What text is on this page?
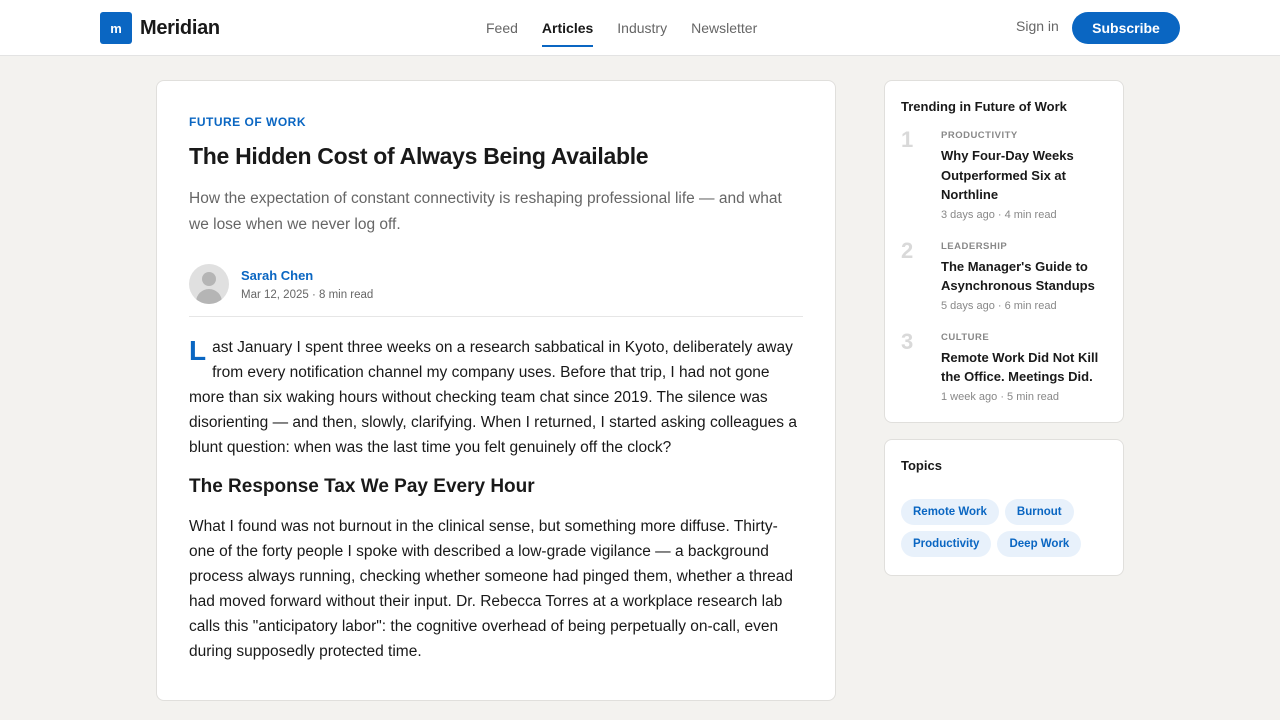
m Meridian	Feed Articles Industry Newsletter	Sign in	Subscribe
FUTURE OF WORK
The Hidden Cost of Always Being Available

How the expectation of constant connectivity is reshaping professional life — and what we lose when we never log off.

Sarah Chen
Mar 12, 2025 · 8 min read

Last January I spent three weeks on a research sabbatical in Kyoto, deliberately away from every notification channel my company uses. Before that trip, I had not gone more than six waking hours without checking team chat since 2019. The silence was disorienting — and then, slowly, clarifying. When I returned, I started asking colleagues a blunt question: when was the last time you felt genuinely off the clock?

The Response Tax We Pay Every Hour

What I found was not burnout in the clinical sense, but something more diffuse. Thirty-one of the forty people I spoke with described a low-grade vigilance — a background process always running, checking whether someone had pinged them, whether a thread had moved forward without their input. Dr. Rebecca Torres at a workplace research lab calls this "anticipatory labor": the cognitive overhead of being perpetually on-call, even during supposedly protected time.

Trending in Future of Work
1	PRODUCTIVITY
Why Four-Day Weeks Outperformed Six at Northline
3 days ago · 4 min read
2	LEADERSHIP
The Manager's Guide to Asynchronous Standups
5 days ago · 6 min read
3	CULTURE
Remote Work Did Not Kill the Office. Meetings Did.
1 week ago · 5 min read
Topics
Remote Work	Burnout
Productivity	Deep Work
